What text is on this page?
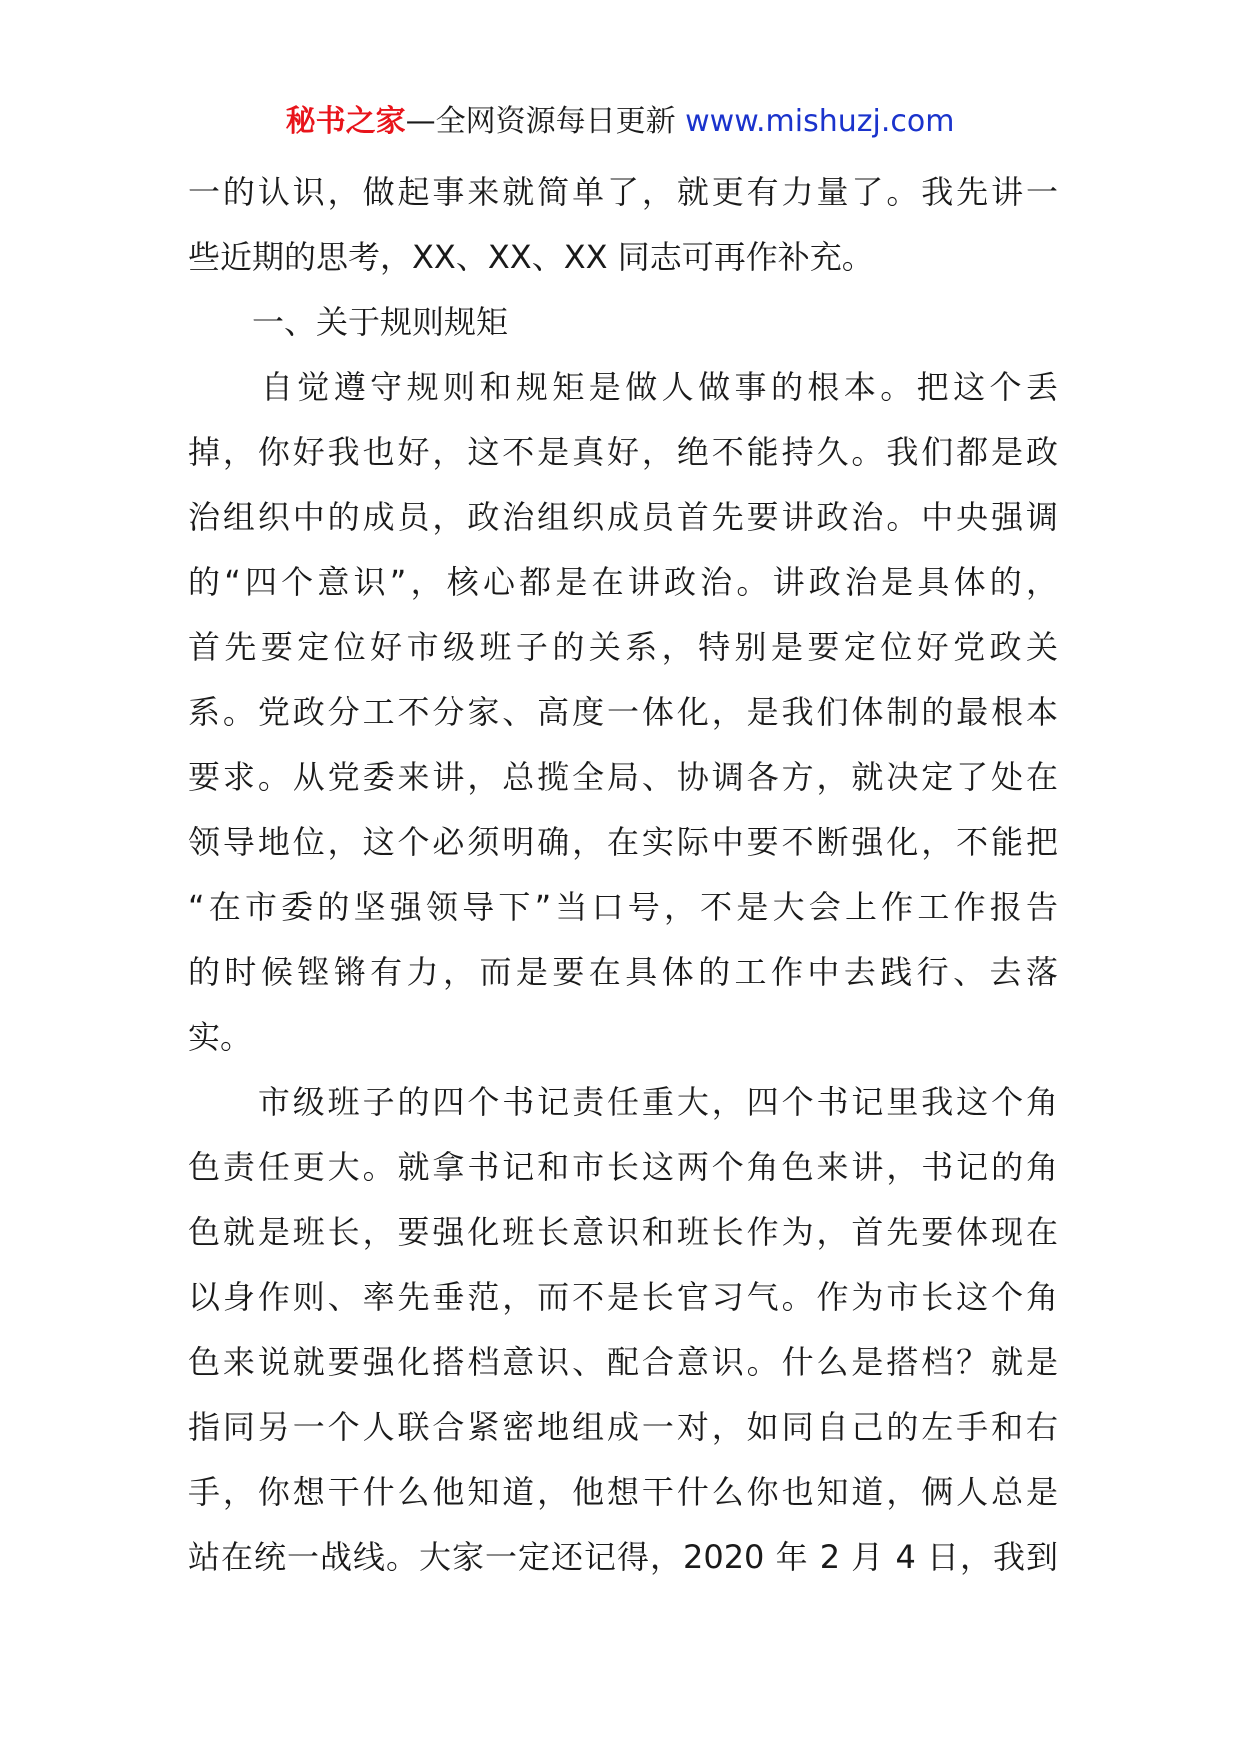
秘书之家—全网资源每日更新 www.mishuzj.com
一的认识，做起事来就简单了，就更有力量了。我先讲一
些近期的思考，XX、XX、XX 同志可再作补充。
　　一、关于规则规矩
　　自觉遵守规则和规矩是做人做事的根本。把这个丢
掉，你好我也好，这不是真好，绝不能持久。我们都是政
治组织中的成员，政治组织成员首先要讲政治。中央强调
的“四个意识”，核心都是在讲政治。讲政治是具体的，
首先要定位好市级班子的关系，特别是要定位好党政关
系。党政分工不分家、高度一体化，是我们体制的最根本
要求。从党委来讲，总揽全局、协调各方，就决定了处在
领导地位，这个必须明确，在实际中要不断强化，不能把
“在市委的坚强领导下”当口号，不是大会上作工作报告
的时候铿锵有力，而是要在具体的工作中去践行、去落
实。
　　市级班子的四个书记责任重大，四个书记里我这个角
色责任更大。就拿书记和市长这两个角色来讲，书记的角
色就是班长，要强化班长意识和班长作为，首先要体现在
以身作则、率先垂范，而不是长官习气。作为市长这个角
色来说就要强化搭档意识、配合意识。什么是搭档？就是
指同另一个人联合紧密地组成一对，如同自己的左手和右
手，你想干什么他知道，他想干什么你也知道，俩人总是
站在统一战线。大家一定还记得，2020 年 2 月 4 日，我到
